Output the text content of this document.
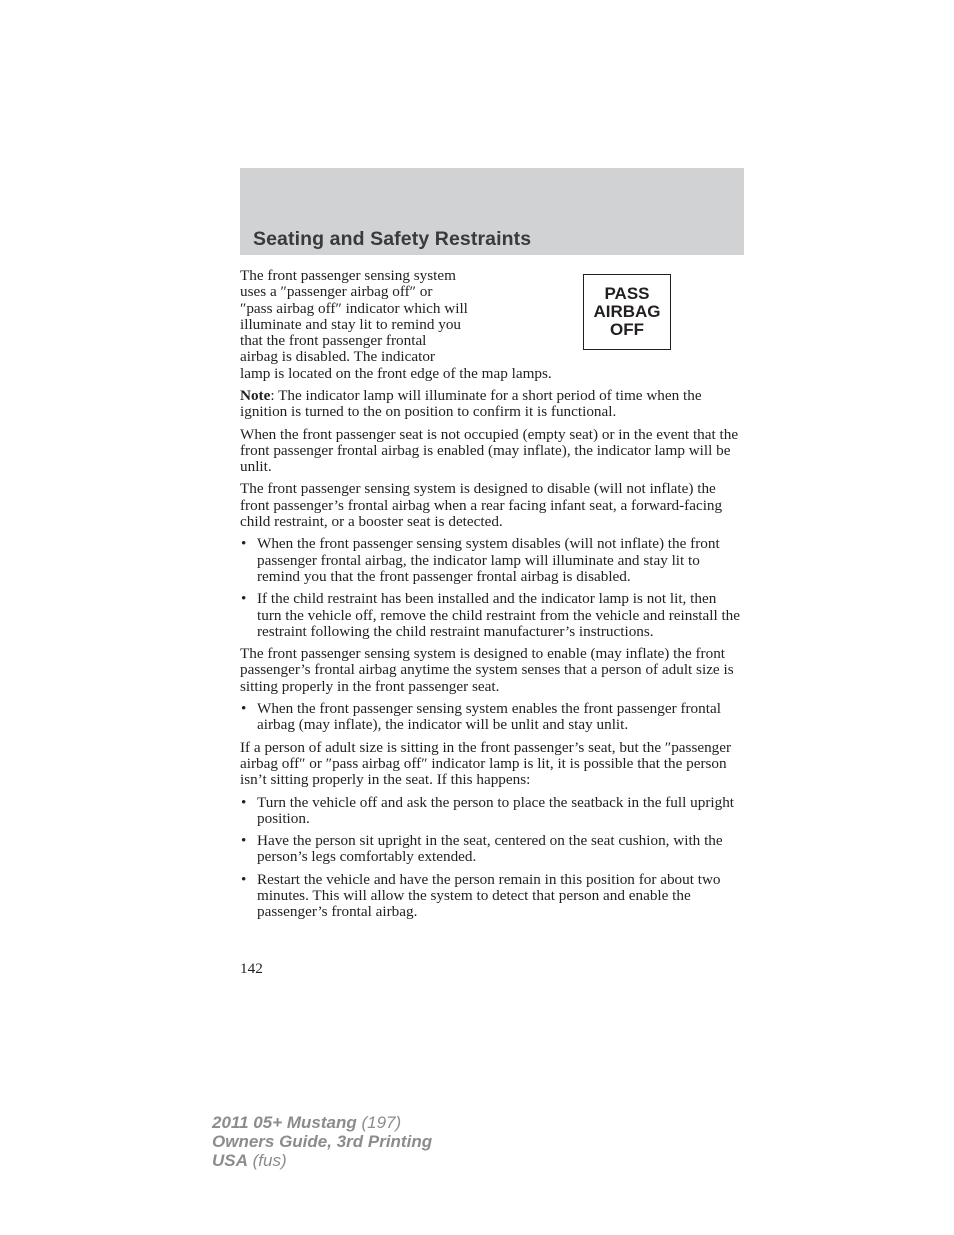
Seating and Safety Restraints

The front passenger sensing system
uses a ″passenger airbag off″ or
″pass airbag off″ indicator which will
illuminate and stay lit to remind you
that the front passenger frontal
airbag is disabled. The indicator
lamp is located on the front edge of the map lamps.

PASS
AIRBAG
OFF

Note: The indicator lamp will illuminate for a short period of time when the ignition is turned to the on position to confirm it is functional.

When the front passenger seat is not occupied (empty seat) or in the event that the front passenger frontal airbag is enabled (may inflate), the indicator lamp will be unlit.

The front passenger sensing system is designed to disable (will not inflate) the front passenger’s frontal airbag when a rear facing infant seat, a forward-facing child restraint, or a booster seat is detected.

• When the front passenger sensing system disables (will not inflate) the front passenger frontal airbag, the indicator lamp will illuminate and stay lit to remind you that the front passenger frontal airbag is disabled.
• If the child restraint has been installed and the indicator lamp is not lit, then turn the vehicle off, remove the child restraint from the vehicle and reinstall the restraint following the child restraint manufacturer’s instructions.

The front passenger sensing system is designed to enable (may inflate) the front passenger’s frontal airbag anytime the system senses that a person of adult size is sitting properly in the front passenger seat.

• When the front passenger sensing system enables the front passenger frontal airbag (may inflate), the indicator will be unlit and stay unlit.

If a person of adult size is sitting in the front passenger’s seat, but the ″passenger airbag off″ or ″pass airbag off″ indicator lamp is lit, it is possible that the person isn’t sitting properly in the seat. If this happens:

• Turn the vehicle off and ask the person to place the seatback in the full upright position.
• Have the person sit upright in the seat, centered on the seat cushion, with the person’s legs comfortably extended.
• Restart the vehicle and have the person remain in this position for about two minutes. This will allow the system to detect that person and enable the passenger’s frontal airbag.
142
2011 05+ Mustang (197)
Owners Guide, 3rd Printing
USA (fus)
